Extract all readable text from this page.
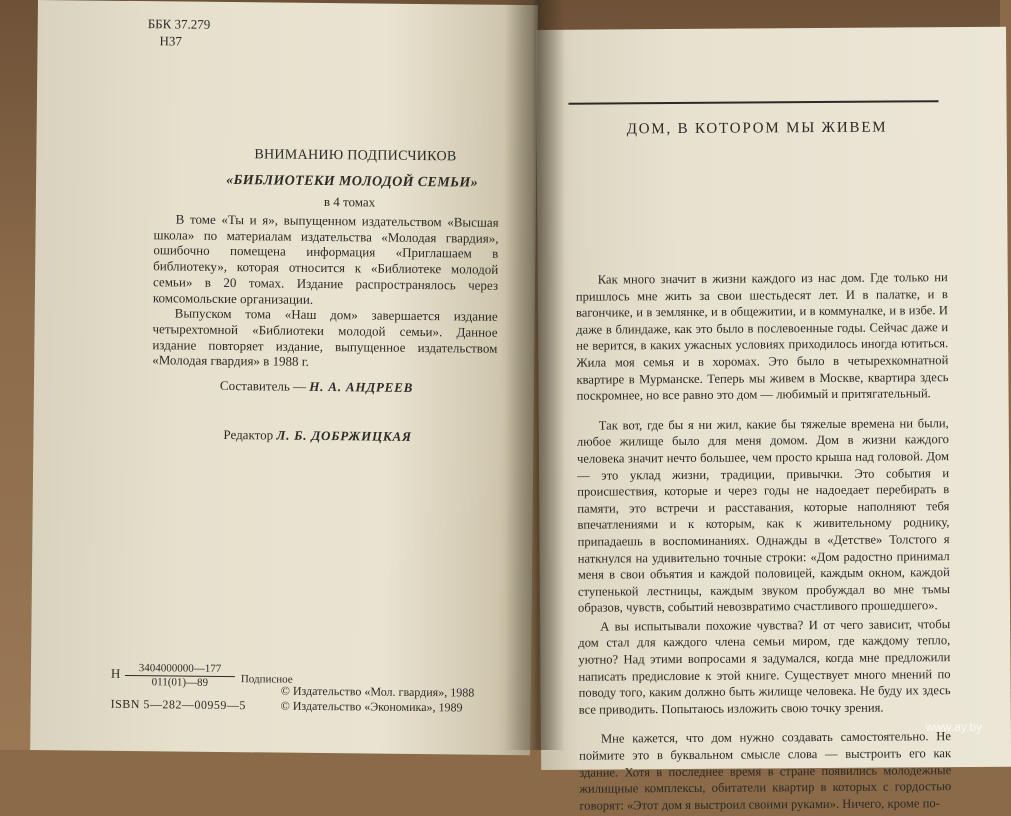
ББК 37.279
Н37
ВНИМАНИЮ ПОДПИСЧИКОВ
«БИБЛИОТЕКИ МОЛОДОЙ СЕМЬИ»
в 4 томах

В томе «Ты и я», выпущенном издательством «Высшая школа» по материалам издательства «Молодая гвардия», ошибочно помещена информация «Приглашаем в библиотеку», которая относится к «Библиотеке молодой семьи» в 20 томах. Издание распространялось через комсомольские организации.

Выпуском тома «Наш дом» завершается издание четырехтомной «Библиотеки молодой семьи». Данное издание повторяет издание, выпущенное издательством «Молодая гвардия» в 1988 г.

Составитель — Н. А. АНДРЕЕВ
Редактор Л. Б. ДОБРЖИЦКАЯ
Н $\frac{3404000000—177}{011(01)—89}$ Подписное
ISBN 5—282—00959—5
© Издательство «Мол. гвардия», 1988
© Издательство «Экономика», 1989
ДОМ, В КОТОРОМ МЫ ЖИВЕМ

Как много значит в жизни каждого из нас дом. Где только ни пришлось мне жить за свои шестьдесят лет. И в палатке, и в вагончике, и в землянке, и в общежитии, и в коммуналке, и в избе. И даже в блиндаже, как это было в послевоенные годы. Сейчас даже и не верится, в каких ужасных условиях приходилось иногда ютиться. Жила моя семья и в хоромах. Это было в четырехкомнатной квартире в Мурманске. Теперь мы живем в Москве, квартира здесь поскромнее, но все равно это дом — любимый и притягательный.

Так вот, где бы я ни жил, какие бы тяжелые времена ни были, любое жилище было для меня домом. Дом в жизни каждого человека значит нечто большее, чем просто крыша над головой. Дом — это уклад жизни, традиции, привычки. Это события и происшествия, которые и через годы не надоедает перебирать в памяти, это встречи и расставания, которые наполняют тебя впечатлениями и к которым, как к живительному роднику, припадаешь в воспоминаниях. Однажды в «Детстве» Толстого я наткнулся на удивительно точные строки: «Дом радостно принимал меня в свои объятия и каждой половицей, каждым окном, каждой ступенькой лестницы, каждым звуком пробуждал во мне тьмы образов, чувств, событий невозвратимо счастливого прошедшего».

А вы испытывали похожие чувства? И от чего зависит, чтобы дом стал для каждого члена семьи миром, где каждому тепло, уютно? Над этими вопросами я задумался, когда мне предложили написать предисловие к этой книге. Существует много мнений по поводу того, каким должно быть жилище человека. Не буду их здесь все приводить. Попытаюсь изложить свою точку зрения.

Мне кажется, что дом нужно создавать самостоятельно. Не поймите это в буквальном смысле слова — выстроить его как здание. Хотя в последнее время в стране появились молодежные жилищные комплексы, обитатели квартир в которых с гордостью говорят: «Этот дом я выстроил своими руками». Ничего, кроме по-

www.ay.by
